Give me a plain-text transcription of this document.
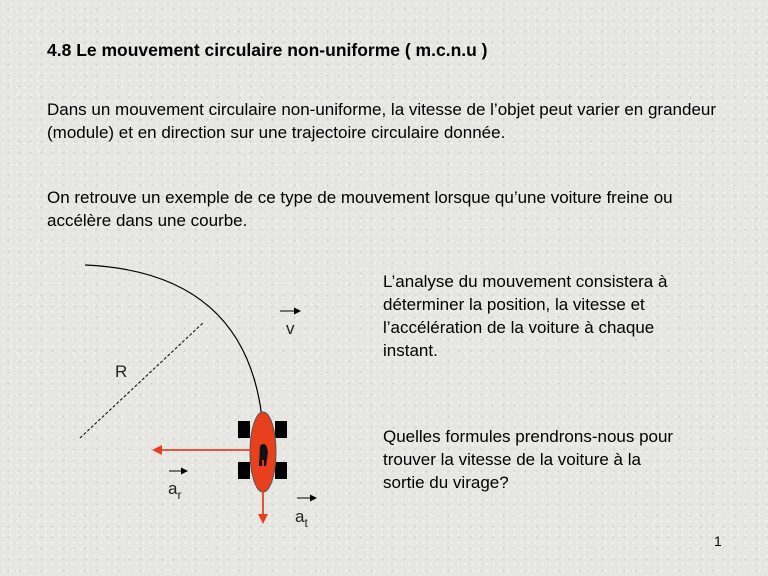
4.8 Le mouvement circulaire non-uniforme ( m.c.n.u )

Dans un mouvement circulaire non-uniforme, la vitesse de l’objet peut varier en grandeur (module) et en direction sur une trajectoire circulaire donnée.

On retrouve un exemple de ce type de mouvement lorsque qu’une voiture freine ou accélère dans une courbe.

L’analyse du mouvement consistera à déterminer la position, la vitesse et l’accélération de la voiture à chaque instant.

Quelles formules prendrons-nous pour trouver la vitesse de la voiture à la sortie du virage?

1
R
v
$a_r$
$a_t$
